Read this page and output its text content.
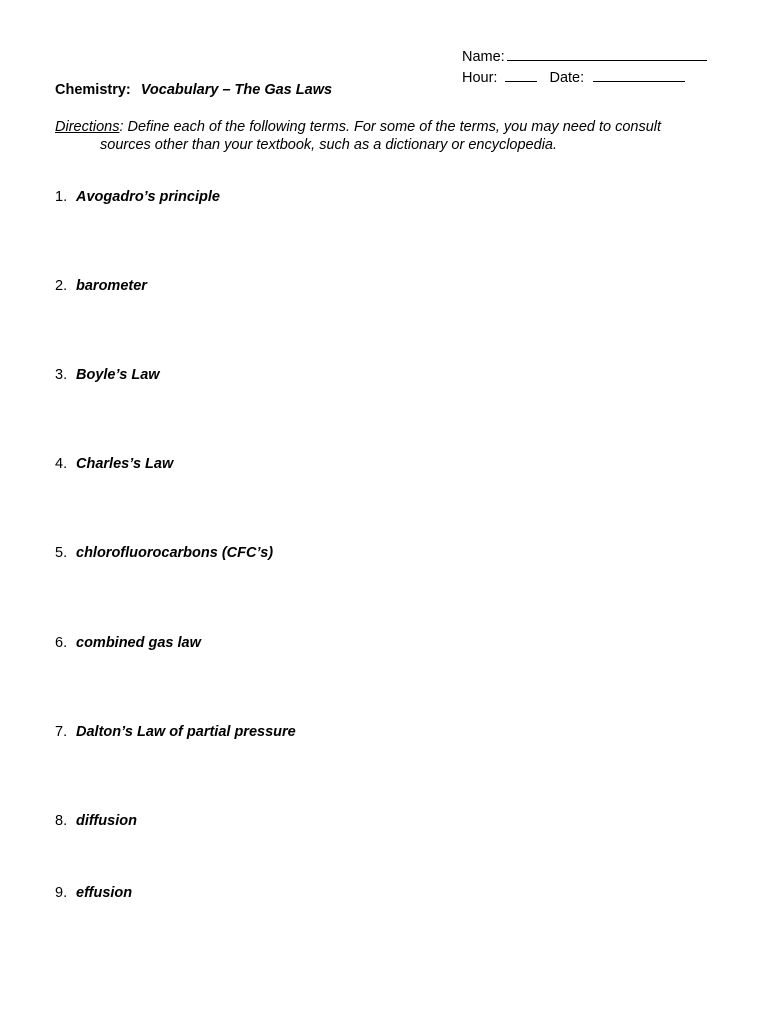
Name:
Hour:	Date:
Chemistry: Vocabulary – The Gas Laws
Directions: Define each of the following terms. For some of the terms, you may need to consult
sources other than your textbook, such as a dictionary or encyclopedia.
1. Avogadro’s principle
2. barometer
3. Boyle’s Law
4. Charles’s Law
5. chlorofluorocarbons (CFC’s)
6. combined gas law
7. Dalton’s Law of partial pressure
8. diffusion
9. effusion
